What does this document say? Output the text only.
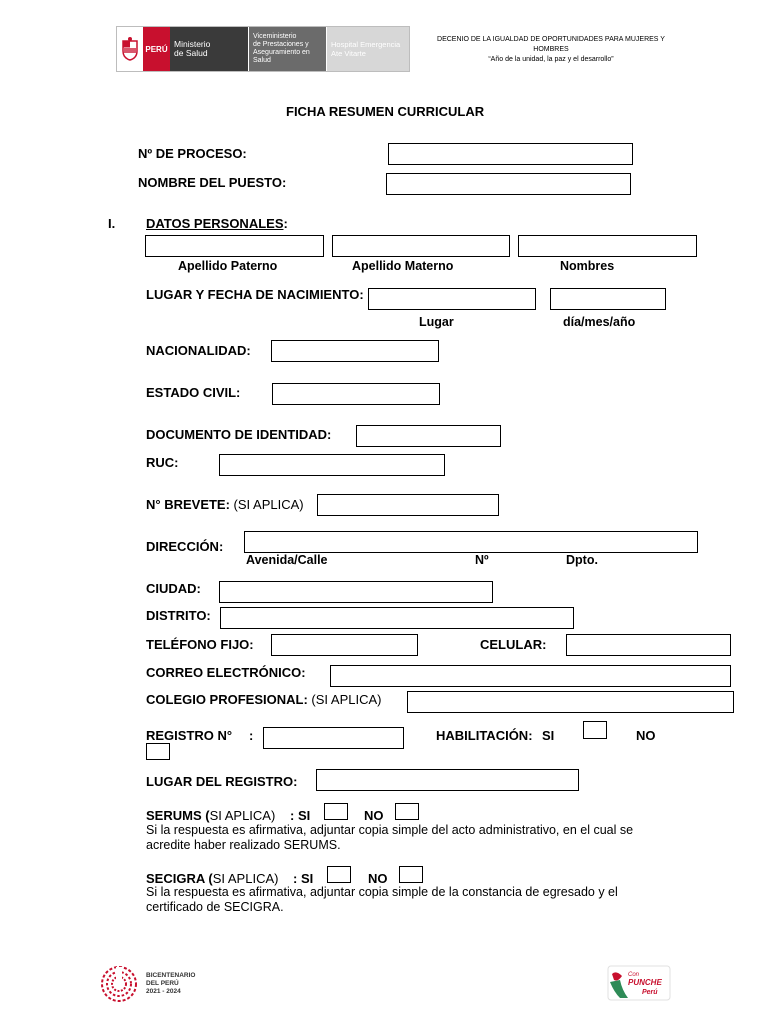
PERÚ Ministerio
de Salud
Viceministerio
de Prestaciones y
Aseguramiento en Salud
Hospital Emergencia
Ate Vitarte
DECENIO DE LA IGUALDAD DE OPORTUNIDADES PARA MUJERES Y HOMBRES
“Año de la unidad, la paz y el desarrollo”
FICHA RESUMEN CURRICULAR
Nº DE PROCESO:
NOMBRE DEL PUESTO:
I. DATOS PERSONALES:
Apellido Paterno	Apellido Materno	Nombres
LUGAR Y FECHA DE NACIMIENTO:
Lugar	día/mes/año
NACIONALIDAD:
ESTADO CIVIL:
DOCUMENTO DE IDENTIDAD:
RUC:
N° BREVETE: (SI APLICA)
DIRECCIÓN:
Avenida/Calle	Nº	Dpto.
CIUDAD:
DISTRITO:
TELÉFONO FIJO:	CELULAR:
CORREO ELECTRÓNICO:
COLEGIO PROFESIONAL: (SI APLICA)
REGISTRO N° :	HABILITACIÓN: SI	NO
LUGAR DEL REGISTRO:
SERUMS (SI APLICA) : SI	NO
Si la respuesta es afirmativa, adjuntar copia simple del acto administrativo, en el cual se acredite haber realizado SERUMS.
SECIGRA (SI APLICA) : SI	NO
Si la respuesta es afirmativa, adjuntar copia simple de la constancia de egresado y el certificado de SECIGRA.
BICENTENARIO
DEL PERÚ
2021 - 2024
Con
PUNCHE
Perú
